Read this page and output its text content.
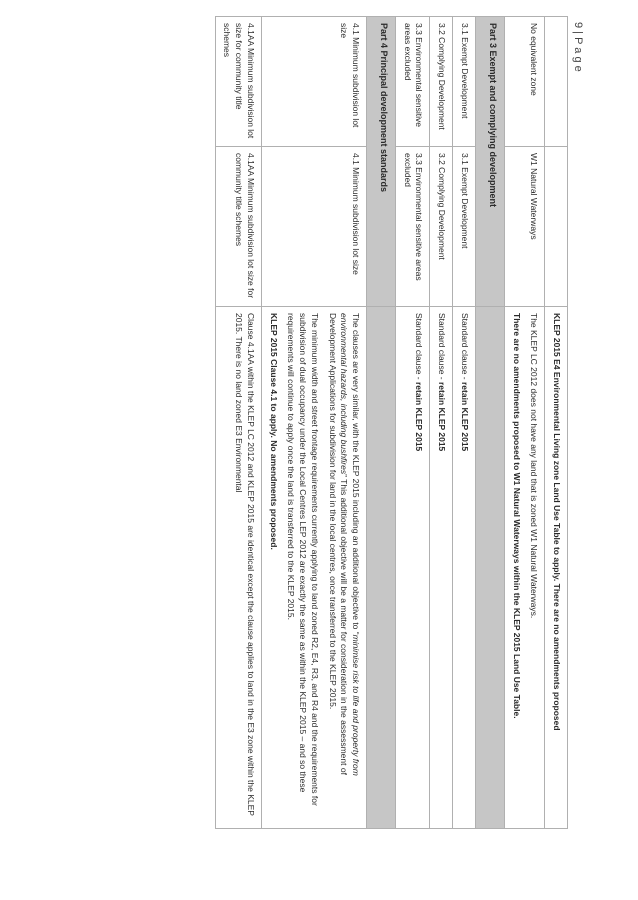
9 | P a g e

		KLEP 2015 E4 Environmental Living zone Land Use Table to apply. There are no amendments proposed

No equivalent zone	W1 Natural Waterways	The KLEP LC 2012 does not have any land that is zoned W1 Natural Waterways.

There are no amendments proposed to W1 Natural Waterways within the KLEP 2015 Land Use Table.

Part 3 Exempt and complying development		
3.1 Exempt Development	3.1 Exempt Development	Standard clause - retain KLEP 2015
3.2 Complying Development	3.2 Complying Development	Standard clause - retain KLEP 2015
3.3 Environmental sensitive areas excluded	3.3 Environmental sensitive areas excluded	Standard clause - retain KLEP 2015
Part 4 Principal development standards		
4.1 Minimum subdivision lot size	4.1 Minimum subdivision lot size	The clauses are very similar, with the KLEP 2015 including an additional objective to “minimise risk to life and property from environmental hazards, including bushfires” This additional objective will be a matter for consideration in the assessment of Development Applications for subdivision for land in the local centres, once transferred to the KLEP 2015.

The minimum width and street frontage requirements currently applying to land zoned R2, E4, R3, and R4 and the requirements for subdivision of dual occupancy under the Local Centres LEP 2012 are exactly the same as within the KLEP 2015 – and so these requirements will continue to apply once the land is transferred to the KLEP 2015.

KLEP 2015 Clause 4.1 to apply. No amendments proposed.

4.1AA Minimum subdivision lot size for community title schemes	4.1AA Minimum subdivision lot size for community title schemes	Clause 4.1AA within the KLEP LC 2012 and KLEP 2015 are identical except the clause applies to land in the E3 zone within the KLEP 2015. There is no land zoned E3 Environmental
